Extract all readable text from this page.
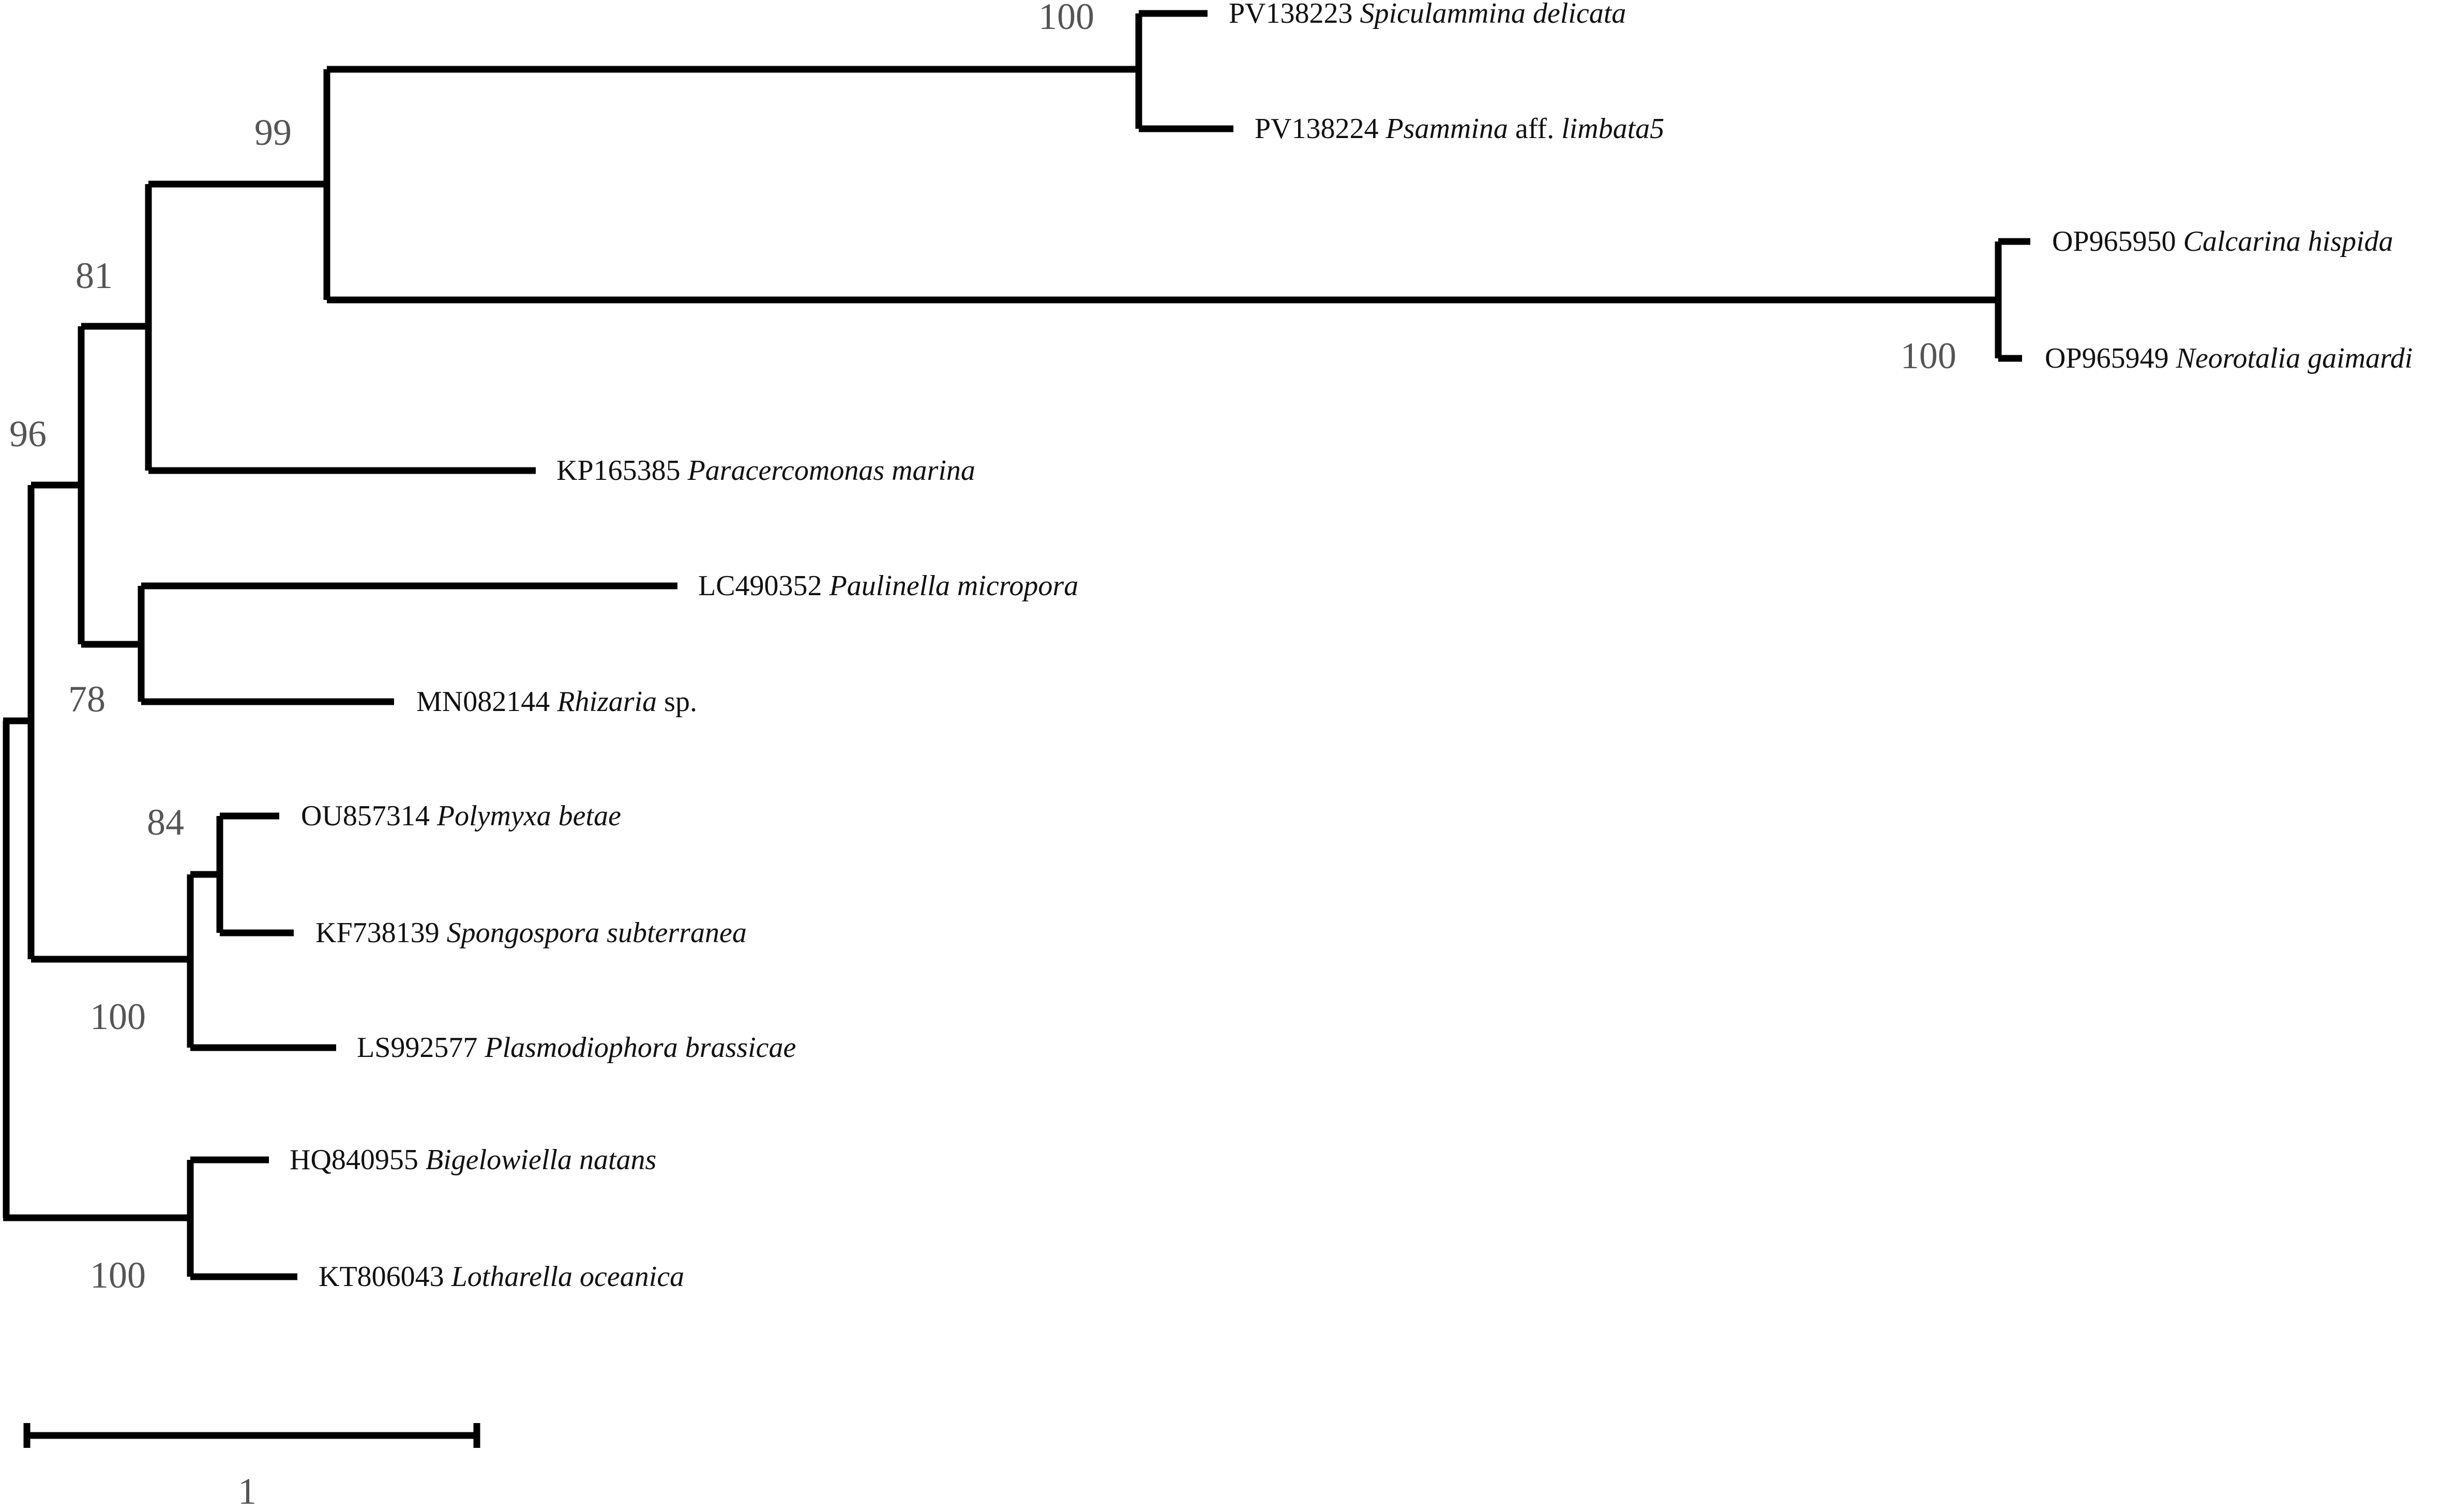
PV138223 Spiculammina delicata
PV138224 Psammina aff. limbata5
OP965950 Calcarina hispida
OP965949 Neorotalia gaimardi
KP165385 Paracercomonas marina
LC490352 Paulinella micropora
MN082144 Rhizaria sp.
OU857314 Polymyxa betae
KF738139 Spongospora subterranea
LS992577 Plasmodiophora brassicae
HQ840955 Bigelowiella natans
KT806043 Lotharella oceanica
100
99
100
81
96
78
84
100
100
1
